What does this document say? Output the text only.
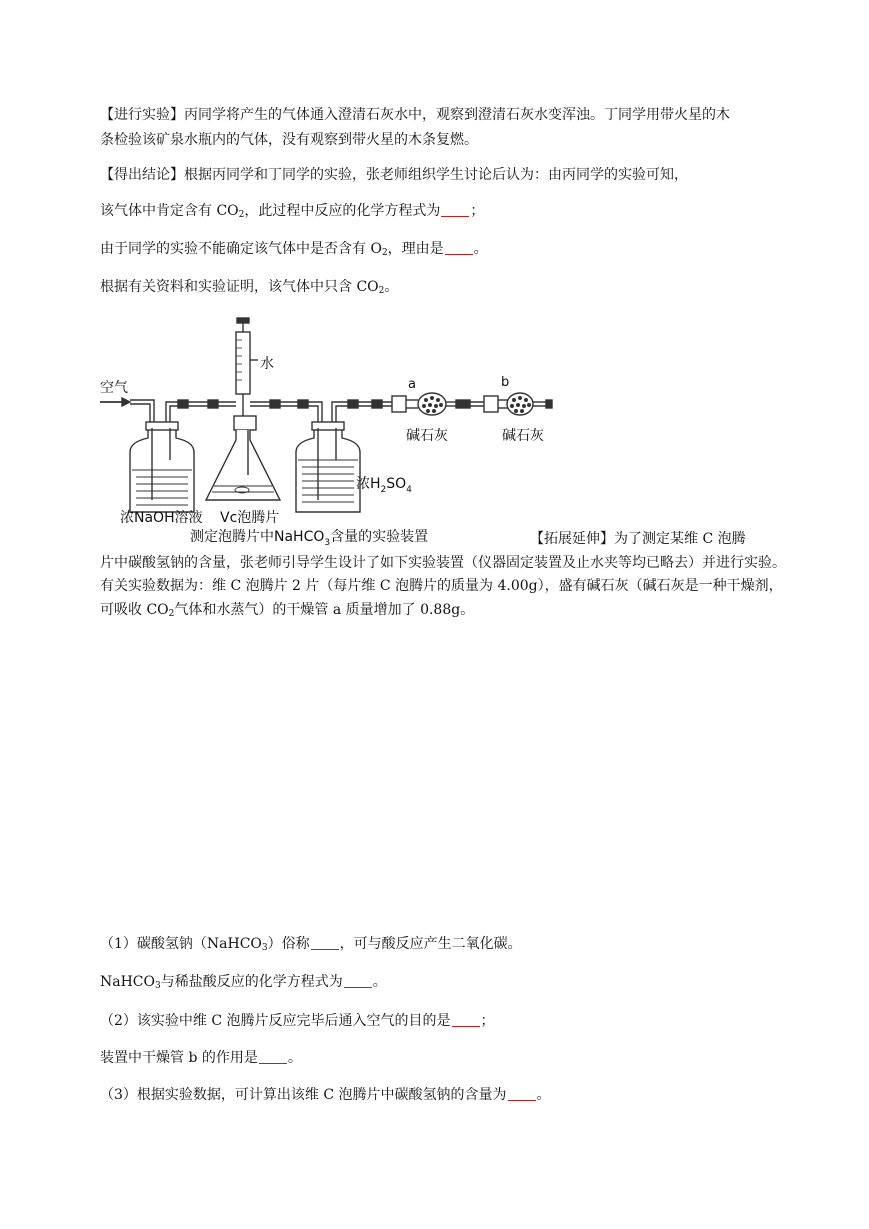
【进行实验】丙同学将产生的气体通入澄清石灰水中，观察到澄清石灰水变浑浊。丁同学用带火星的木

条检验该矿泉水瓶内的气体，没有观察到带火星的木条复燃。

【得出结论】根据丙同学和丁同学的实验，张老师组织学生讨论后认为：由丙同学的实验可知，

该气体中肯定含有 $CO_2$，此过程中反应的化学方程式为 ；

由于同学的实验不能确定该气体中是否含有 $O_2$，理由是 。

根据有关资料和实验证明，该气体中只含 $CO_2$。

空气
水
a	b
碱石灰	碱石灰
浓NaOH溶液 Vc泡腾片
浓$H_2SO_4$
测定泡腾片中NaHCO$_3$含量的实验装置	【拓展延伸】为了测定某维 C 泡腾
片中碳酸氢钠的含量，张老师引导学生设计了如下实验装置（仪器固定装置及止水夹等均已略去）并进行实验。有关实验数据为：维 C 泡腾片 2 片（每片维 C 泡腾片的质量为 4.00g），盛有碱石灰（碱石灰是一种干燥剂，可吸收 $CO_2$气体和水蒸气）的干燥管 a 质量增加了 0.88g。

（1）碳酸氢钠（NaHCO$_3$）俗称 ，可与酸反应产生二氧化碳。

NaHCO$_3$与稀盐酸反应的化学方程式为 。

（2）该实验中维 C 泡腾片反应完毕后通入空气的目的是 ；

装置中干燥管 b 的作用是 。

（3）根据实验数据，可计算出该维 C 泡腾片中碳酸氢钠的含量为 。
